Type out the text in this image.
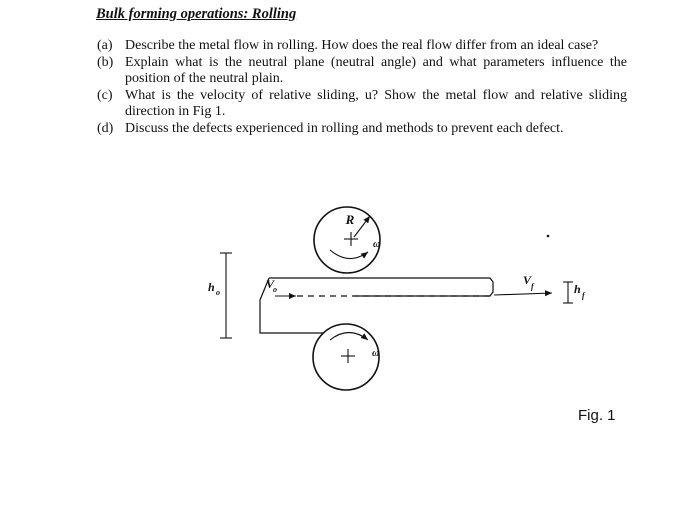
Bulk forming operations: Rolling

(a) Describe the metal flow in rolling. How does the real flow differ from an ideal case?

(b) Explain what is the neutral plane (neutral angle) and what parameters influence the position of the neutral plain.

(c) What is the velocity of relative sliding, u? Show the metal flow and relative sliding direction in Fig 1.

(d) Discuss the defects experienced in rolling and methods to prevent each defect.

R
ω
ω
h o
V
o
V f	h f
Fig. 1
